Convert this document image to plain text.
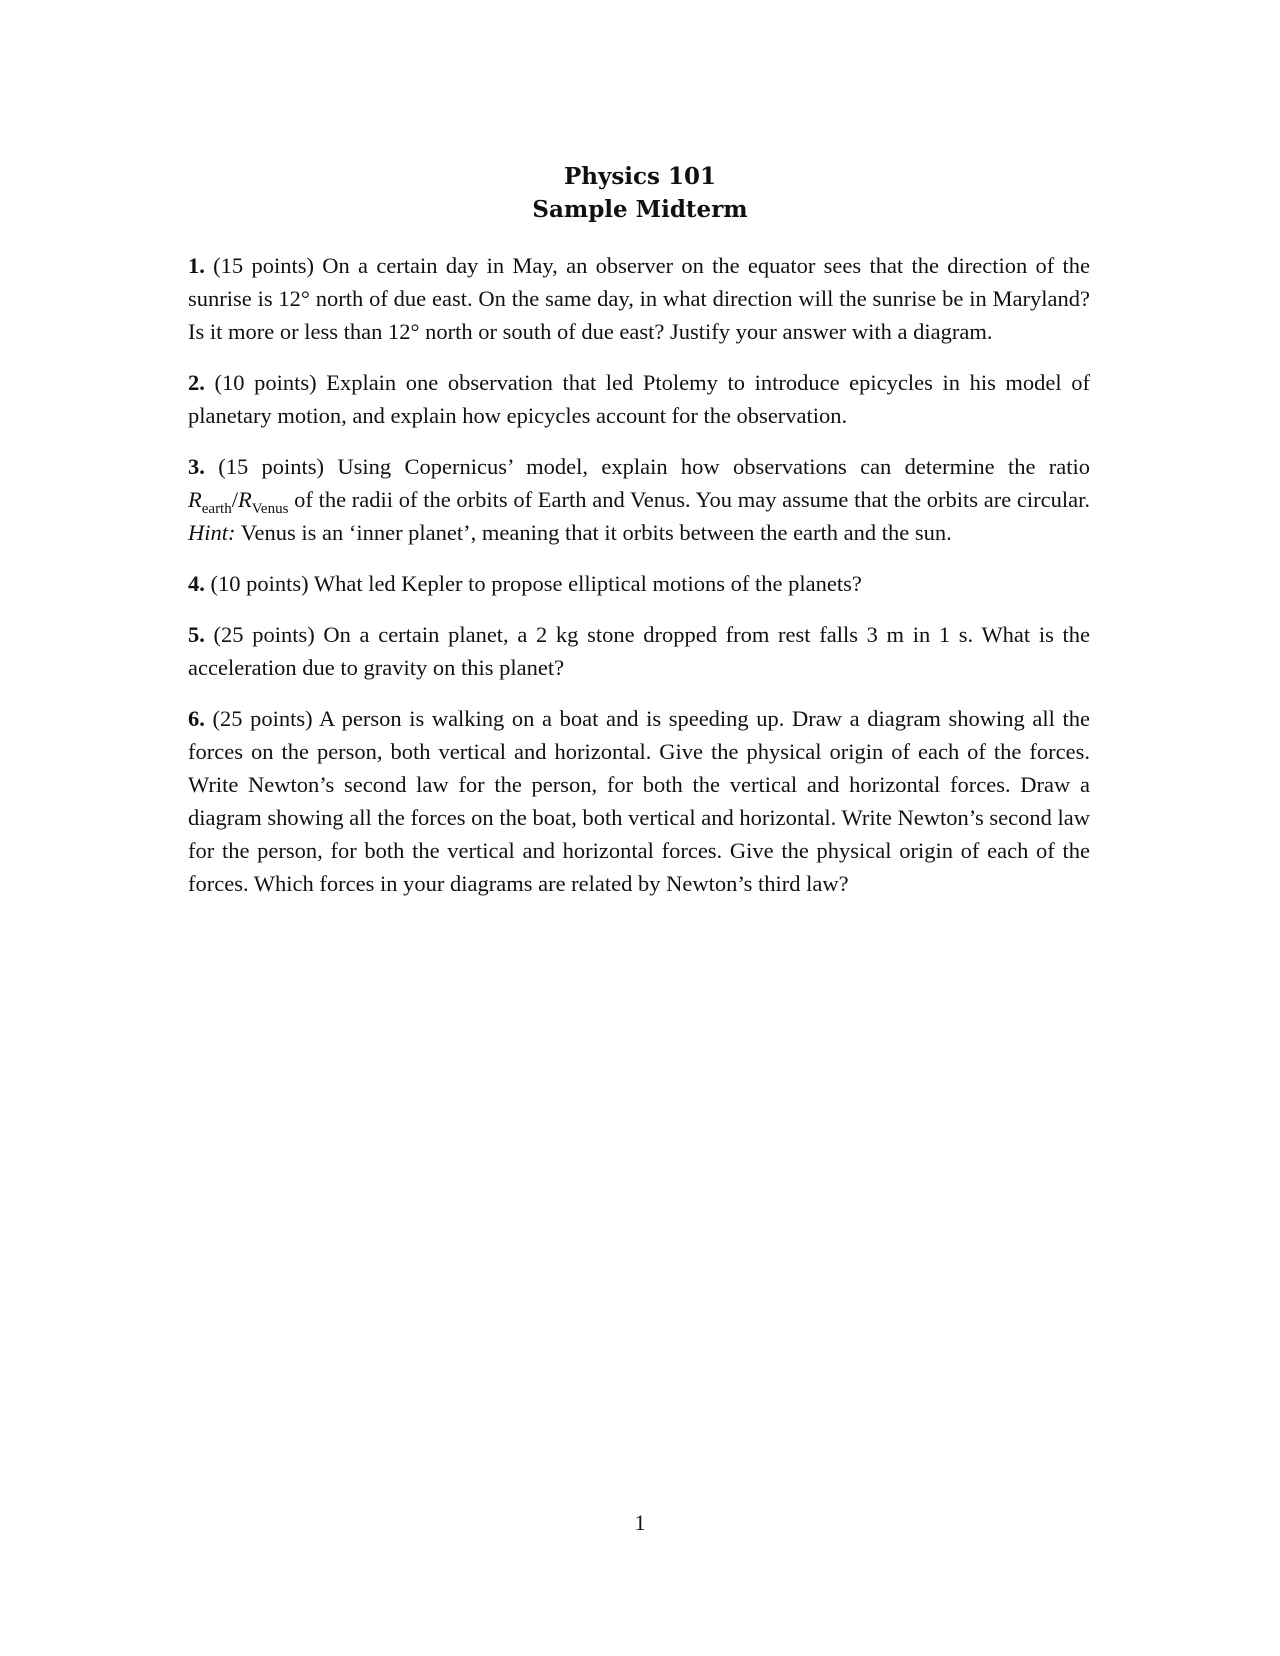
Physics 101
Sample Midterm

1. (15 points) On a certain day in May, an observer on the equator sees that the direction of the sunrise is 12° north of due east. On the same day, in what direction will the sunrise be in Maryland? Is it more or less than 12° north or south of due east? Justify your answer with a diagram.

2. (10 points) Explain one observation that led Ptolemy to introduce epicycles in his model of planetary motion, and explain how epicycles account for the observation.

3. (15 points) Using Copernicus’ model, explain how observations can determine the ratio $R_{earth}/R_{Venus}$ of the radii of the orbits of Earth and Venus. You may assume that the orbits are circular. Hint: Venus is an ‘inner planet’, meaning that it orbits between the earth and the sun.

4. (10 points) What led Kepler to propose elliptical motions of the planets?

5. (25 points) On a certain planet, a 2 kg stone dropped from rest falls 3 m in 1 s. What is the acceleration due to gravity on this planet?

6. (25 points) A person is walking on a boat and is speeding up. Draw a diagram showing all the forces on the person, both vertical and horizontal. Give the physical origin of each of the forces. Write Newton’s second law for the person, for both the vertical and horizontal forces. Draw a diagram showing all the forces on the boat, both vertical and horizontal. Write Newton’s second law for the person, for both the vertical and horizontal forces. Give the physical origin of each of the forces. Which forces in your diagrams are related by Newton’s third law?

1
